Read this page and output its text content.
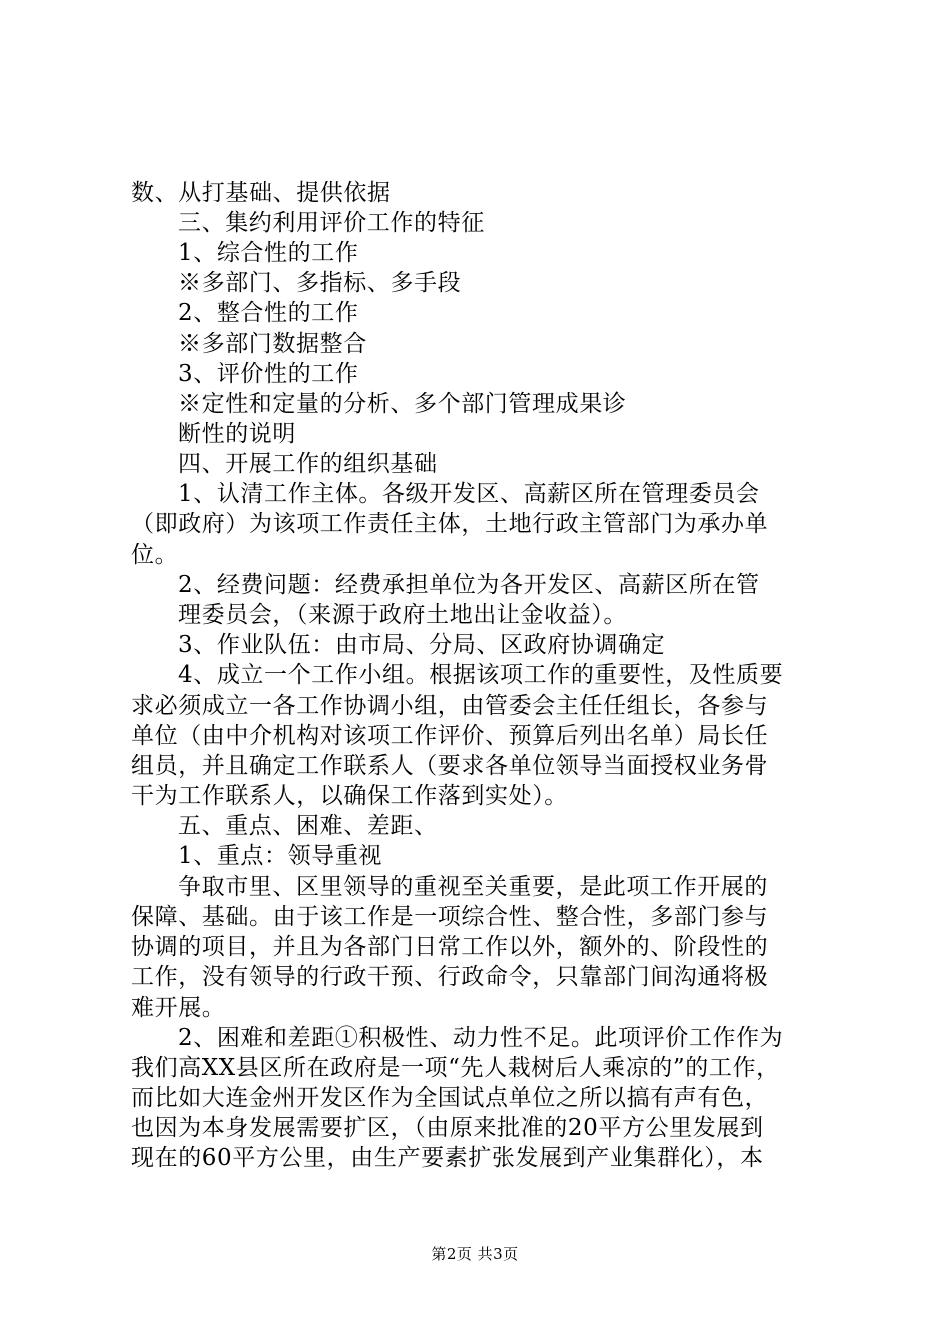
数、从打基础、提供依据
三、集约利用评价工作的特征
1、综合性的工作
※多部门、多指标、多手段
2、整合性的工作
※多部门数据整合
3、评价性的工作
※定性和定量的分析、多个部门管理成果诊
断性的说明
四、开展工作的组织基础
1、认清工作主体。各级开发区、高薪区所在管理委员会
（即政府）为该项工作责任主体，土地行政主管部门为承办单
位。
2、经费问题：经费承担单位为各开发区、高薪区所在管
理委员会，（来源于政府土地出让金收益）。
3、作业队伍：由市局、分局、区政府协调确定
4、成立一个工作小组。根据该项工作的重要性，及性质要
求必须成立一各工作协调小组，由管委会主任任组长，各参与
单位（由中介机构对该项工作评价、预算后列出名单）局长任
组员，并且确定工作联系人（要求各单位领导当面授权业务骨
干为工作联系人，以确保工作落到实处）。
五、重点、困难、差距、
1、重点：领导重视
争取市里、区里领导的重视至关重要，是此项工作开展的
保障、基础。由于该工作是一项综合性、整合性，多部门参与
协调的项目，并且为各部门日常工作以外，额外的、阶段性的
工作，没有领导的行政干预、行政命令，只靠部门间沟通将极
难开展。
2、困难和差距①积极性、动力性不足。此项评价工作作为
我们高XX县区所在政府是一项“先人栽树后人乘凉的”的工作，
而比如大连金州开发区作为全国试点单位之所以搞有声有色，
也因为本身发展需要扩区，（由原来批准的20平方公里发展到
现在的60平方公里，由生产要素扩张发展到产业集群化），本
第2页 共3页
